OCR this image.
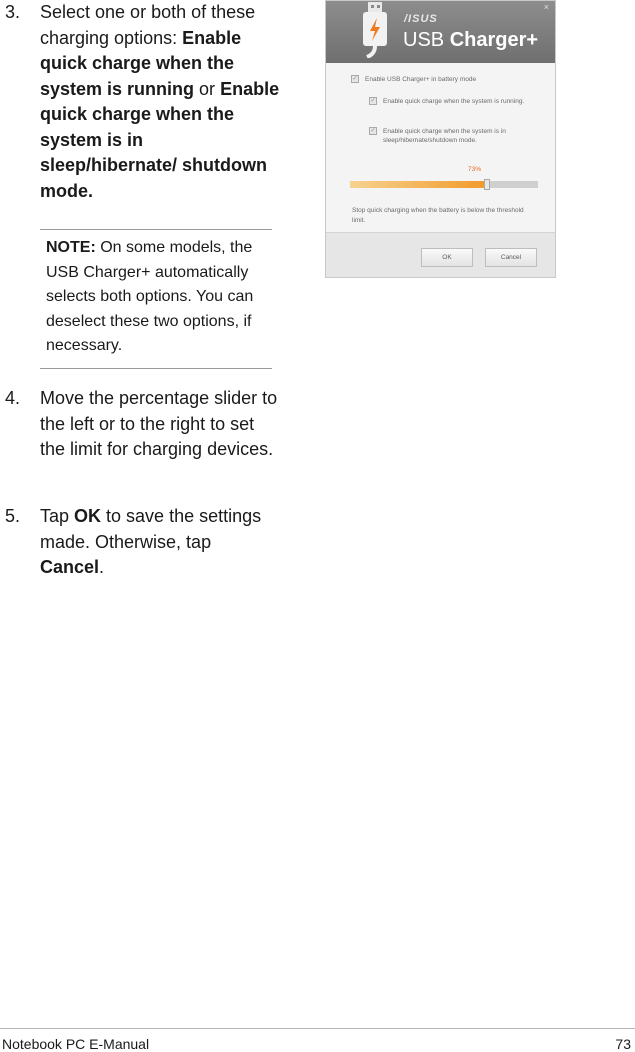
3. Select one or both of these charging options: Enable quick charge when the system is running or Enable quick charge when the system is in sleep/hibernate/ shutdown mode.
NOTE: On some models, the USB Charger+ automatically selects both options. You can deselect these two options, if necessary.
4. Move the percentage slider to the left or to the right to set the limit for charging devices.
5. Tap OK to save the settings made. Otherwise, tap Cancel.
/ISUS
USB Charger+
×
✓ Enable USB Charger+ in battery mode
✓ Enable quick charge when the system is running.
✓ Enable quick charge when the system is in sleep/hibernate/shutdown mode.
73%
Stop quick charging when the battery is below the threshold limit.
OK	Cancel
Notebook PC E-Manual	73
